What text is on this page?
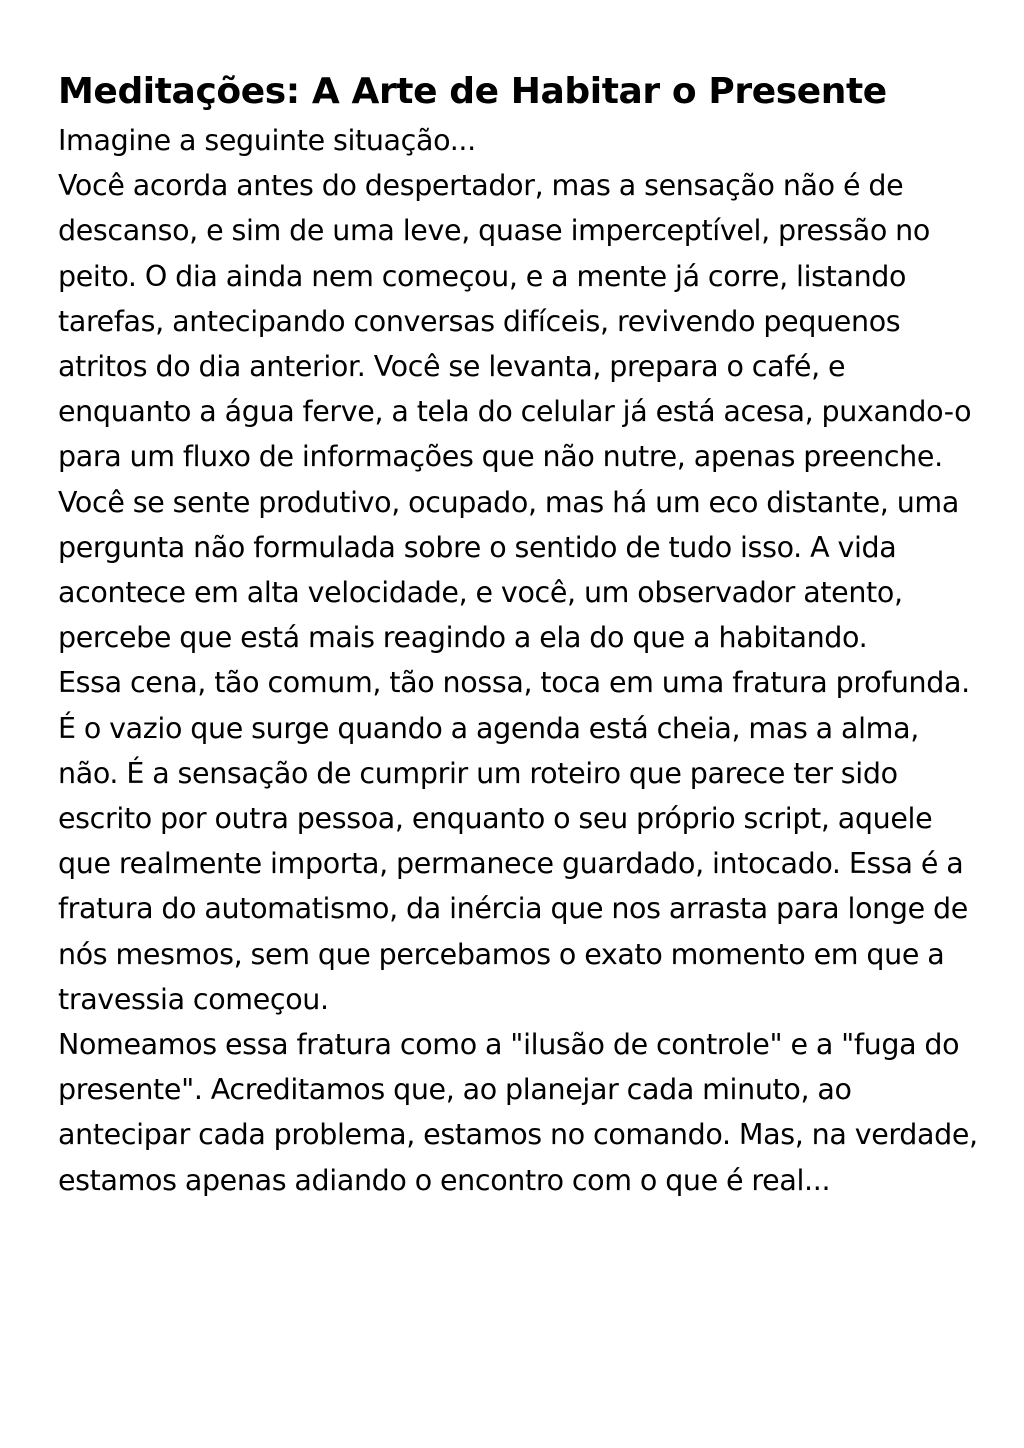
Meditações: A Arte de Habitar o Presente

Imagine a seguinte situação...

Você acorda antes do despertador, mas a sensação não é de descanso, e sim de uma leve, quase imperceptível, pressão no peito. O dia ainda nem começou, e a mente já corre, listando tarefas, antecipando conversas difíceis, revivendo pequenos atritos do dia anterior. Você se levanta, prepara o café, e enquanto a água ferve, a tela do celular já está acesa, puxando-o para um fluxo de informações que não nutre, apenas preenche. Você se sente produtivo, ocupado, mas há um eco distante, uma pergunta não formulada sobre o sentido de tudo isso. A vida acontece em alta velocidade, e você, um observador atento, percebe que está mais reagindo a ela do que a habitando.

Essa cena, tão comum, tão nossa, toca em uma fratura profunda. É o vazio que surge quando a agenda está cheia, mas a alma, não. É a sensação de cumprir um roteiro que parece ter sido escrito por outra pessoa, enquanto o seu próprio script, aquele que realmente importa, permanece guardado, intocado. Essa é a fratura do automatismo, da inércia que nos arrasta para longe de nós mesmos, sem que percebamos o exato momento em que a travessia começou.

Nomeamos essa fratura como a "ilusão de controle" e a "fuga do presente". Acreditamos que, ao planejar cada minuto, ao antecipar cada problema, estamos no comando. Mas, na verdade, estamos apenas adiando o encontro com o que é real...
